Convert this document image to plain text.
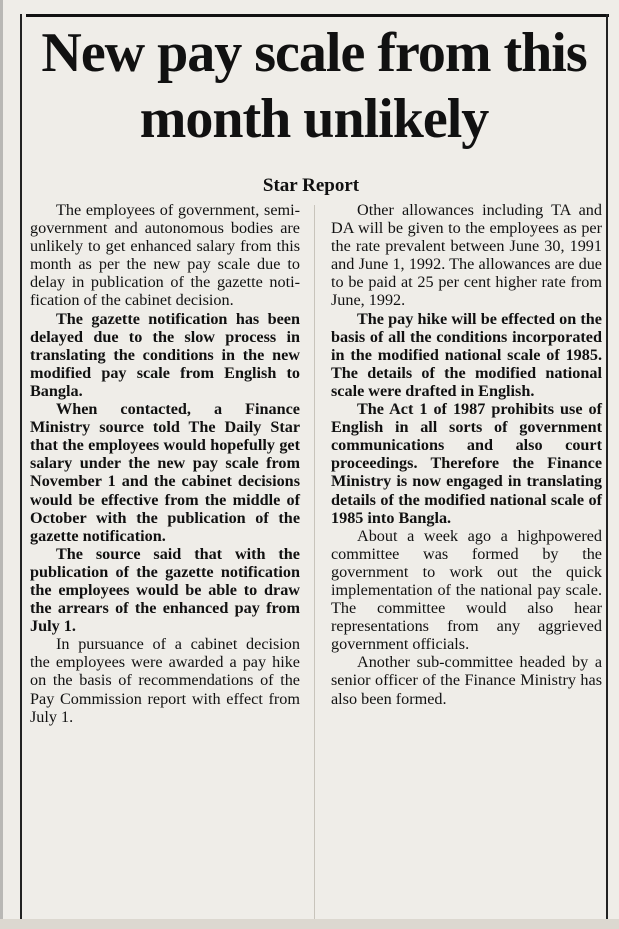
New pay scale from this month unlikely
Star Report

The employees of government, semi-government and autonomous bodies are unlikely to get enhanced salary from this month as per the new pay scale due to delay in publication of the gazette notification of the cabinet decision.

The gazette notification has been delayed due to the slow process in translating the conditions in the new modified pay scale from English to Bangla.

When contacted, a Finance Ministry source told The Daily Star that the employees would hopefully get salary under the new pay scale from November 1 and the cabinet decisions would be effective from the middle of October with the publication of the gazette notification.

The source said that with the publication of the gazette notification the employees would be able to draw the arrears of the enhanced pay from July 1.

In pursuance of a cabinet decision the employees were awarded a pay hike on the basis of recommendations of the Pay Commission report with effect from July 1.

Other allowances including TA and DA will be given to the employees as per the rate prevalent between June 30, 1991 and June 1, 1992. The allowances are due to be paid at 25 per cent higher rate from June, 1992.

The pay hike will be effected on the basis of all the conditions incorporated in the modified national scale of 1985. The details of the modified national scale were drafted in English.

The Act 1 of 1987 prohibits use of English in all sorts of government communications and also court proceedings. Therefore the Finance Ministry is now engaged in translating details of the modified national scale of 1985 into Bangla.

About a week ago a highpowered committee was formed by the government to work out the quick implementation of the national pay scale. The committee would also hear representations from any aggrieved government officials.

Another sub-committee headed by a senior officer of the Finance Ministry has also been formed.
